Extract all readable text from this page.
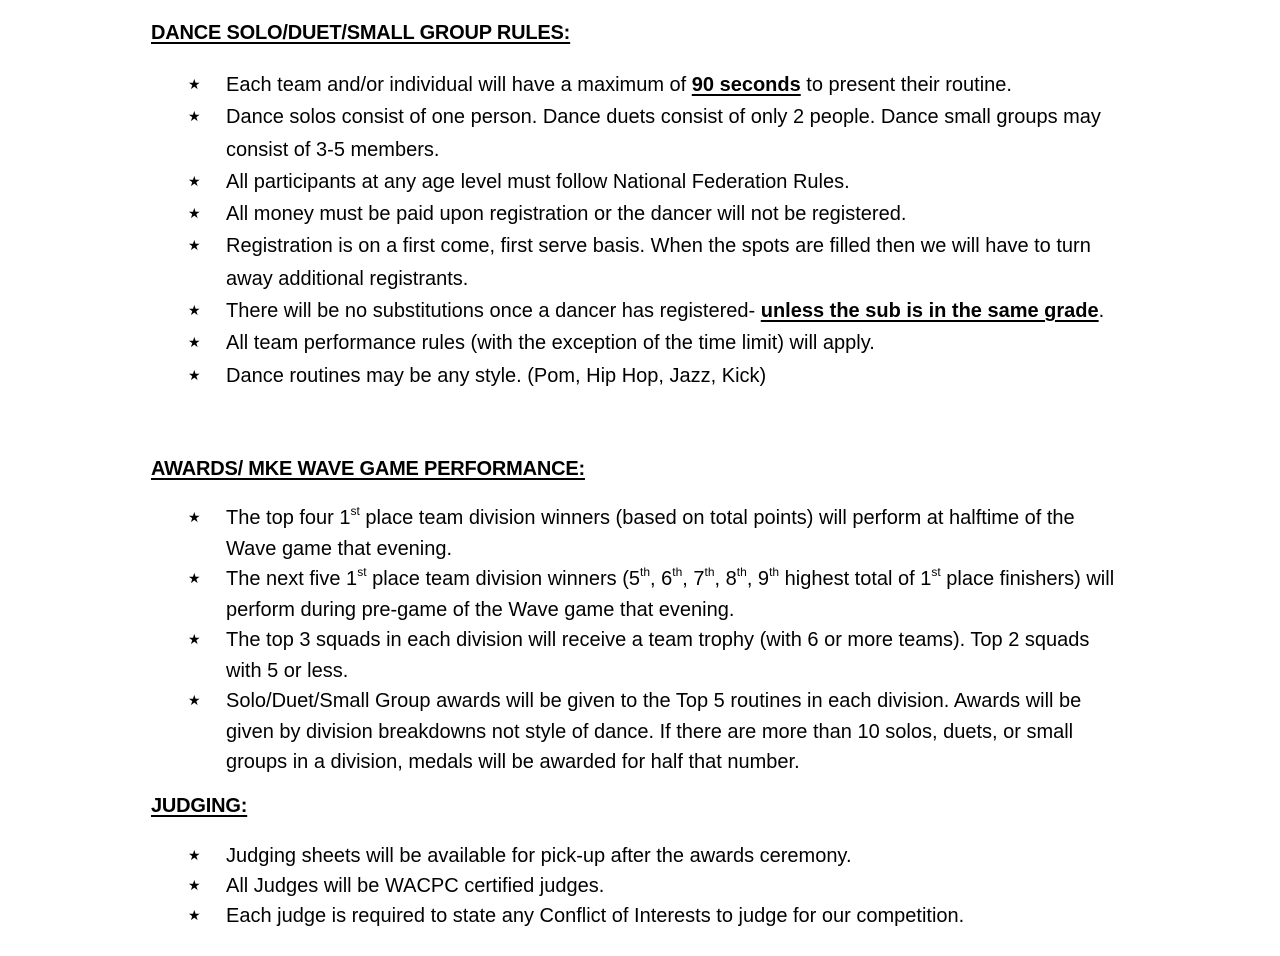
DANCE SOLO/DUET/SMALL GROUP RULES:
★ Each team and/or individual will have a maximum of 90 seconds to present their routine.
★ Dance solos consist of one person. Dance duets consist of only 2 people. Dance small groups may consist of 3-5 members.
★ All participants at any age level must follow National Federation Rules.
★ All money must be paid upon registration or the dancer will not be registered.
★ Registration is on a first come, first serve basis. When the spots are filled then we will have to turn away additional registrants.
★ There will be no substitutions once a dancer has registered- unless the sub is in the same grade.
★ All team performance rules (with the exception of the time limit) will apply.
★ Dance routines may be any style. (Pom, Hip Hop, Jazz, Kick)
AWARDS/ MKE WAVE GAME PERFORMANCE:
★ The top four 1st place team division winners (based on total points) will perform at halftime of the Wave game that evening.
★ The next five 1st place team division winners (5th, 6th, 7th, 8th, 9th highest total of 1st place finishers) will perform during pre-game of the Wave game that evening.
★ The top 3 squads in each division will receive a team trophy (with 6 or more teams). Top 2 squads with 5 or less.
★ Solo/Duet/Small Group awards will be given to the Top 5 routines in each division. Awards will be given by division breakdowns not style of dance. If there are more than 10 solos, duets, or small groups in a division, medals will be awarded for half that number.
JUDGING:
★ Judging sheets will be available for pick-up after the awards ceremony.
★ All Judges will be WACPC certified judges.
★ Each judge is required to state any Conflict of Interests to judge for our competition.
